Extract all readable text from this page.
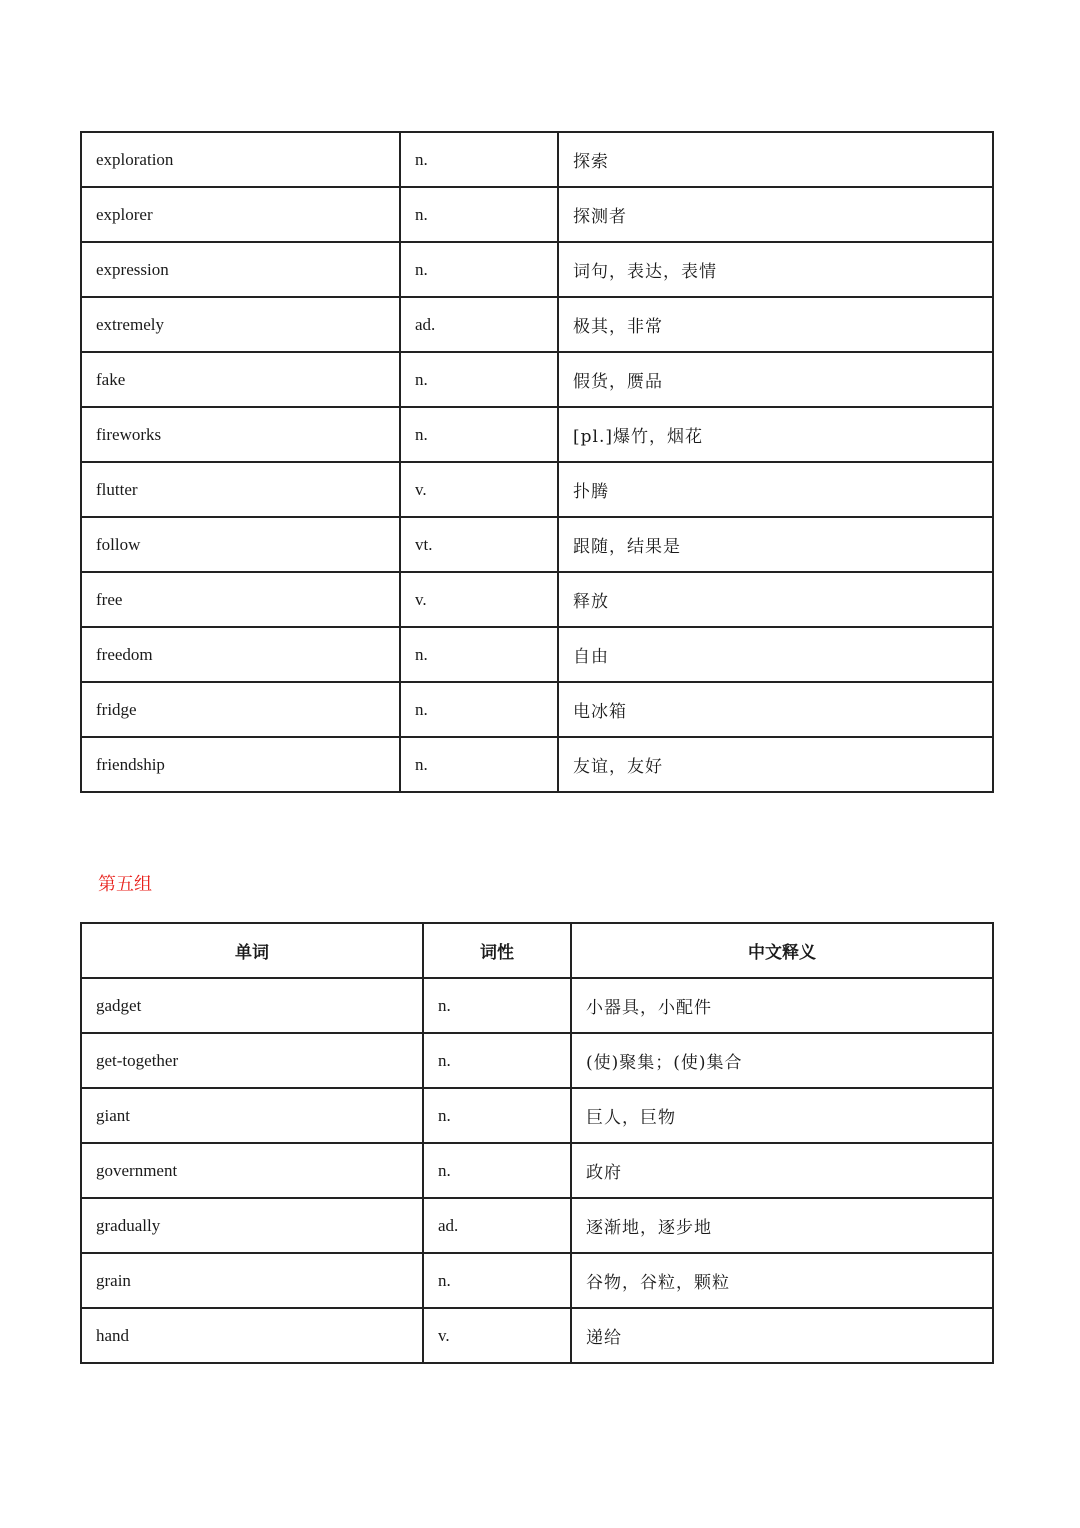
exploration	n.	探索
explorer	n.	探测者
expression	n.	词句，表达，表情
extremely	ad.	极其，非常
fake	n.	假货，赝品
fireworks	n.	[pl.]爆竹，烟花
flutter	v.	扑腾
follow	vt.	跟随，结果是
free	v.	释放
freedom	n.	自由
fridge	n.	电冰箱
friendship	n.	友谊，友好
第五组
单词	词性	中文释义
gadget	n.	小器具，小配件
get-together	n.	(使)聚集；(使)集合
giant	n.	巨人，巨物
government	n.	政府
gradually	ad.	逐渐地，逐步地
grain	n.	谷物，谷粒，颗粒
hand	v.	递给
